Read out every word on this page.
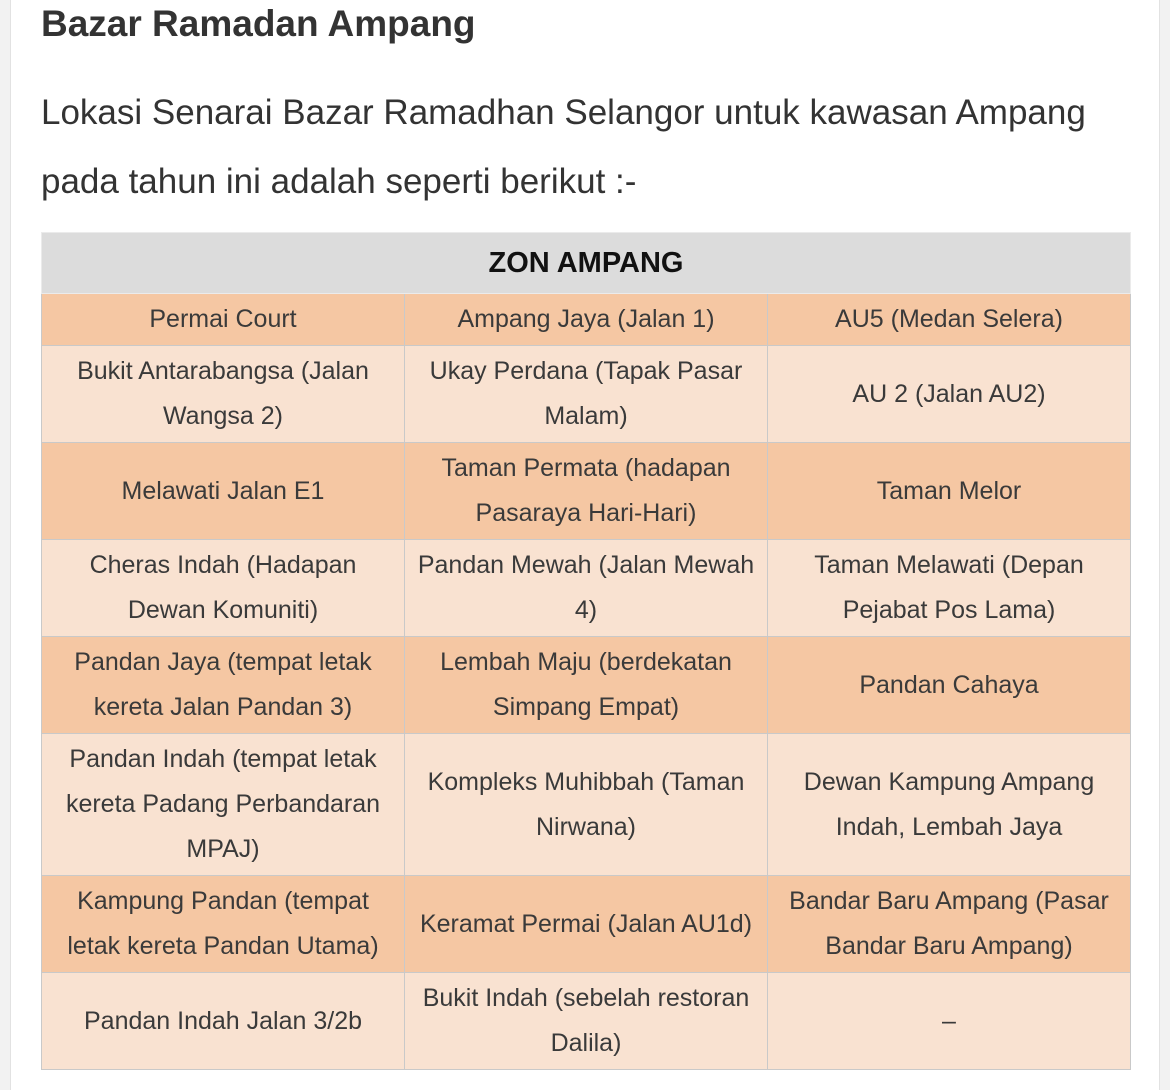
Bazar Ramadan Ampang

Lokasi Senarai Bazar Ramadhan Selangor untuk kawasan Ampang pada tahun ini adalah seperti berikut :-

ZON AMPANG		
Permai Court	Ampang Jaya (Jalan 1)	AU5 (Medan Selera)
Bukit Antarabangsa (Jalan Wangsa 2)	Ukay Perdana (Tapak Pasar Malam)	AU 2 (Jalan AU2)
Melawati Jalan E1	Taman Permata (hadapan Pasaraya Hari-Hari)	Taman Melor
Cheras Indah (Hadapan Dewan Komuniti)	Pandan Mewah (Jalan Mewah 4)	Taman Melawati (Depan Pejabat Pos Lama)
Pandan Jaya (tempat letak kereta Jalan Pandan 3)	Lembah Maju (berdekatan Simpang Empat)	Pandan Cahaya
Pandan Indah (tempat letak kereta Padang Perbandaran MPAJ)	Kompleks Muhibbah (Taman Nirwana)	Dewan Kampung Ampang Indah, Lembah Jaya
Kampung Pandan (tempat letak kereta Pandan Utama)	Keramat Permai (Jalan AU1d)	Bandar Baru Ampang (Pasar Bandar Baru Ampang)
Pandan Indah Jalan 3/2b	Bukit Indah (sebelah restoran Dalila)	–
